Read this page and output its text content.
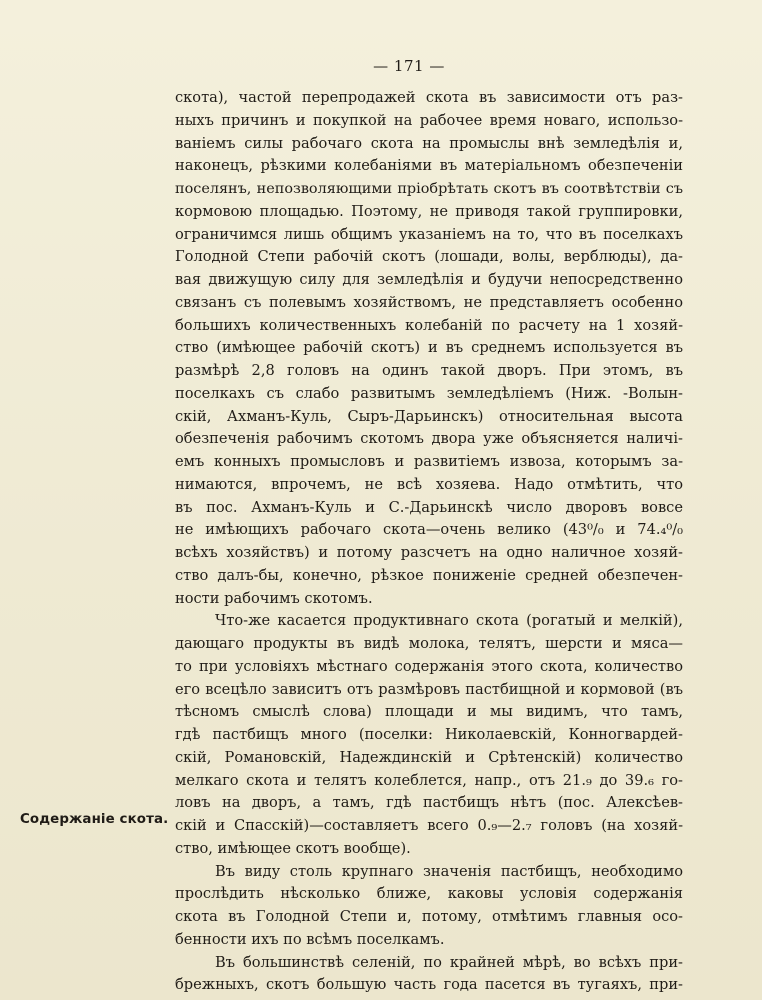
— 171 —
Содержанiе скота.
скота), частой перепродажей скота въ зависимости отъ раз-
ныхъ причинъ и покупкой на рабочее время новаго, использо-
ванiемъ силы рабочаго скота на промыслы внѣ земледѣлiя и,
наконецъ, рѣзкими колебанiями въ матерiальномъ обезпеченiи
поселянъ, непозволяющими прiобрѣтать скотъ въ соотвѣтствiи съ
кормовою площадью. Поэтому, не приводя такой группировки,
ограничимся лишь общимъ указанiемъ на то, что въ поселкахъ
Голодной Степи рабочiй скотъ (лошади, волы, верблюды), да-
вая движущую силу для земледѣлiя и будучи непосредственно
связанъ съ полевымъ хозяйствомъ, не представляетъ особенно
большихъ количественныхъ колебанiй по расчету на 1 хозяй-
ство (имѣющее рабочiй скотъ) и въ среднемъ используется въ
размѣрѣ 2,8 головъ на одинъ такой дворъ. При этомъ, въ
поселкахъ съ слабо развитымъ земледѣлiемъ (Ниж. -Волын-
скiй, Ахманъ-Куль, Сыръ-Дарьинскъ) относительная высота
обезпеченiя рабочимъ скотомъ двора уже объясняется наличi-
емъ конныхъ промысловъ и развитiемъ извоза, которымъ за-
нимаются, впрочемъ, не всѣ хозяева. Надо отмѣтить, что
въ пос. Ахманъ-Куль и С.-Дарьинскѣ число дворовъ вовсе
не имѣющихъ рабочаго скота—очень велико (43⁰/₀ и 74.₄⁰/₀
всѣхъ хозяйствъ) и потому разсчетъ на одно наличное хозяй-
ство далъ-бы, конечно, рѣзкое пониженiе средней обезпечен-
ности рабочимъ скотомъ.
Что-же касается продуктивнаго скота (рогатый и мелкiй),
дающаго продукты въ видѣ молока, телятъ, шерсти и мяса—
то при условiяхъ мѣстнаго содержанiя этого скота, количество
его всецѣло зависитъ отъ размѣровъ пастбищной и кормовой (въ
тѣсномъ смыслѣ слова) площади и мы видимъ, что тамъ,
гдѣ пастбищъ много (поселки: Николаевскiй, Конногвардей-
скiй, Романовскiй, Надеждинскiй и Срѣтенскiй) количество
мелкаго скота и телятъ колеблется, напр., отъ 21.₉ до 39.₆ го-
ловъ на дворъ, а тамъ, гдѣ пастбищъ нѣтъ (пос. Алексѣев-
скiй и Спасскiй)—составляетъ всего 0.₉—2.₇ головъ (на хозяй-
ство, имѣющее скотъ вообще).
Въ виду столь крупнаго значенiя пастбищъ, необходимо
прослѣдить нѣсколько ближе, каковы условiя содержанiя
скота въ Голодной Степи и, потому, отмѣтимъ главныя осо-
бенности ихъ по всѣмъ поселкамъ.
Въ большинствѣ селенiй, по крайней мѣрѣ, во всѣхъ при-
брежныхъ, скотъ большую часть года пасется въ тугаяхъ, при-
